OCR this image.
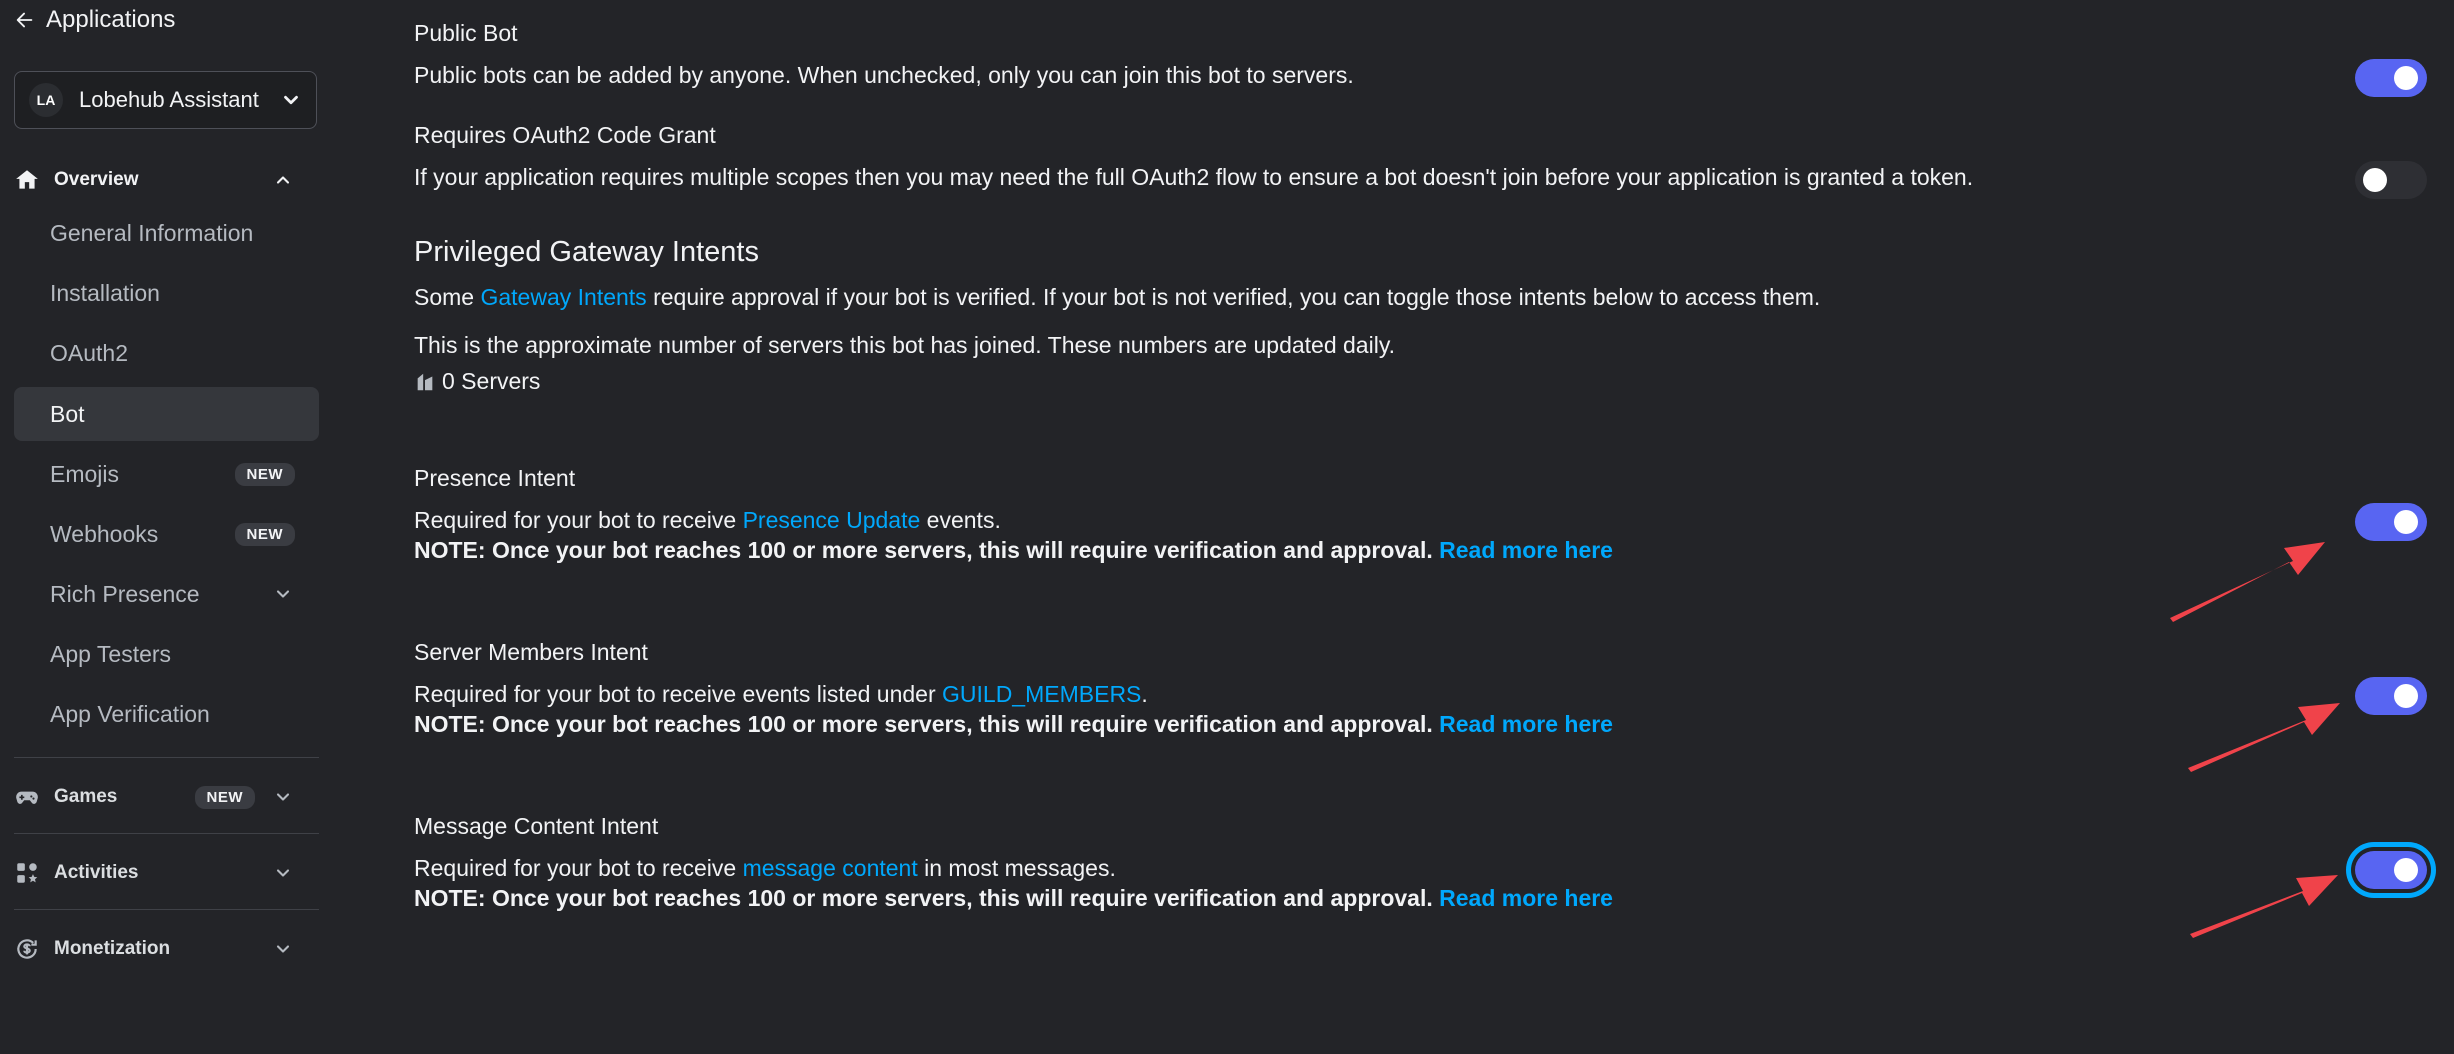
Applications
LA	Lobehub Assistant
Overview
General Information
Installation
OAuth2
Bot
Emojis	NEW
Webhooks	NEW
Rich Presence
App Testers
App Verification
Games	NEW
Activities
Monetization
Public Bot
Public bots can be added by anyone. When unchecked, only you can join this bot to servers.
Requires OAuth2 Code Grant
If your application requires multiple scopes then you may need the full OAuth2 flow to ensure a bot doesn't join before your application is granted a token.
Privileged Gateway Intents
Some Gateway Intents require approval if your bot is verified. If your bot is not verified, you can toggle those intents below to access them.
This is the approximate number of servers this bot has joined. These numbers are updated daily.
0 Servers
Presence Intent
Required for your bot to receive Presence Update events.
NOTE: Once your bot reaches 100 or more servers, this will require verification and approval. Read more here
Server Members Intent
Required for your bot to receive events listed under GUILD_MEMBERS.
NOTE: Once your bot reaches 100 or more servers, this will require verification and approval. Read more here
Message Content Intent
Required for your bot to receive message content in most messages.
NOTE: Once your bot reaches 100 or more servers, this will require verification and approval. Read more here
